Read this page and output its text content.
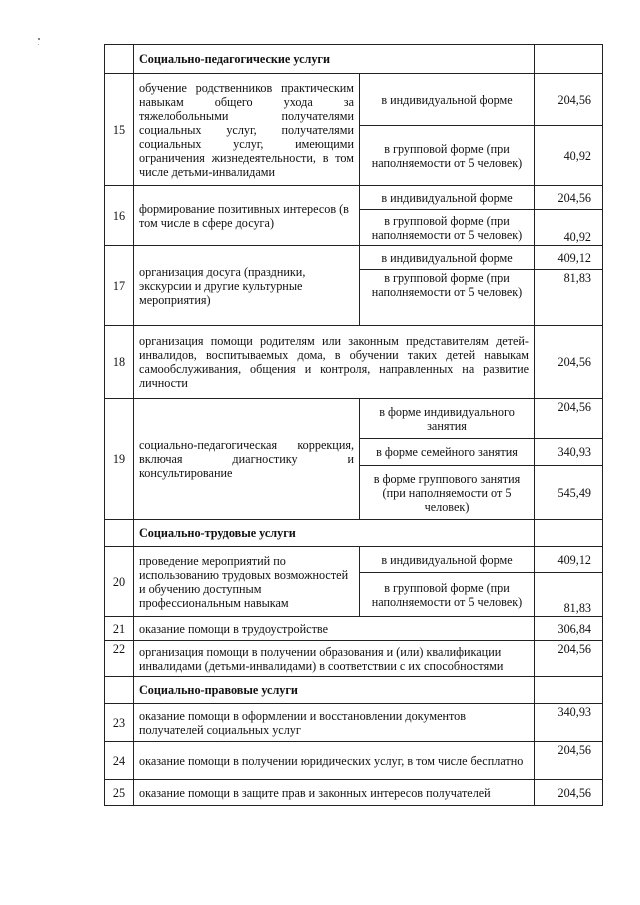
	Социально-педагогические услуги		
15	обучение родственников практическим навыкам общего ухода за тяжелобольными получателями социальных услуг, получателями социальных услуг, имеющими ограничения жизнедеятельности, в том числе детьми-инвалидами	в индивидуальной форме	204,56
		в групповой форме (при наполняемости от 5 человек)	40,92
16	формирование позитивных интересов (в том числе в сфере досуга)	в индивидуальной форме	204,56
		в групповой форме (при наполняемости от 5 человек)	40,92
17	организация досуга (праздники, экскурсии и другие культурные мероприятия)	в индивидуальной форме	409,12
		в групповой форме (при наполняемости от 5 человек)	81,83
18	организация помощи родителям или законным представителям детей-инвалидов, воспитываемых дома, в обучении таких детей навыкам самообслуживания, общения и контроля, направленных на развитие личности		204,56
19	социально-педагогическая коррекция, включая диагностику и консультирование	в форме индивидуального занятия	204,56
		в форме семейного занятия	340,93
		в форме группового занятия (при наполняемости от 5 человек)	545,49
	Социально-трудовые услуги		
20	проведение мероприятий по использованию трудовых возможностей и обучению доступным профессиональным навыкам	в индивидуальной форме	409,12
		в групповой форме (при наполняемости от 5 человек)	81,83
21	оказание помощи в трудоустройстве		306,84
22	организация помощи в получении образования и (или) квалификации инвалидами (детьми-инвалидами) в соответствии с их способностями		204,56
	Социально-правовые услуги		
23	оказание помощи в оформлении и восстановлении документов получателей социальных услуг		340,93
24	оказание помощи в получении юридических услуг, в том числе бесплатно		204,56
25	оказание помощи в защите прав и законных интересов получателей		204,56
